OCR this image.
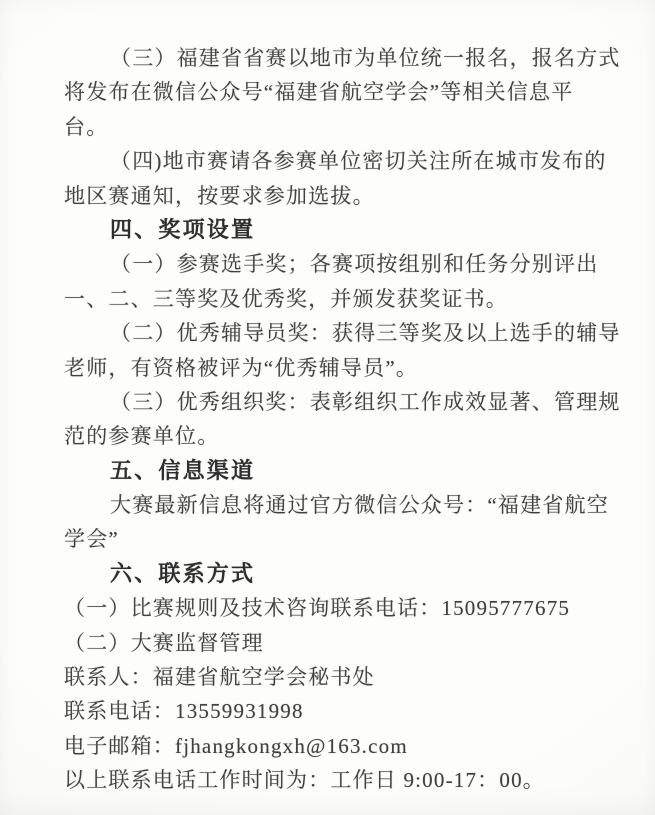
（三）福建省省赛以地市为单位统一报名，报名方式
将发布在微信公众号“福建省航空学会”等相关信息平
台。
（四)地市赛请各参赛单位密切关注所在城市发布的
地区赛通知，按要求参加选拔。
四、奖项设置
（一）参赛选手奖；各赛项按组别和任务分别评出
一、二、三等奖及优秀奖，并颁发获奖证书。
（二）优秀辅导员奖：获得三等奖及以上选手的辅导
老师，有资格被评为“优秀辅导员”。
（三）优秀组织奖：表彰组织工作成效显著、管理规
范的参赛单位。
五、信息渠道
大赛最新信息将通过官方微信公众号：“福建省航空
学会”
六、联系方式
（一）比赛规则及技术咨询联系电话：15095777675
（二）大赛监督管理
联系人：福建省航空学会秘书处
联系电话：13559931998
电子邮箱：fjhangkongxh@163.com
以上联系电话工作时间为：工作日 9:00-17：00。
